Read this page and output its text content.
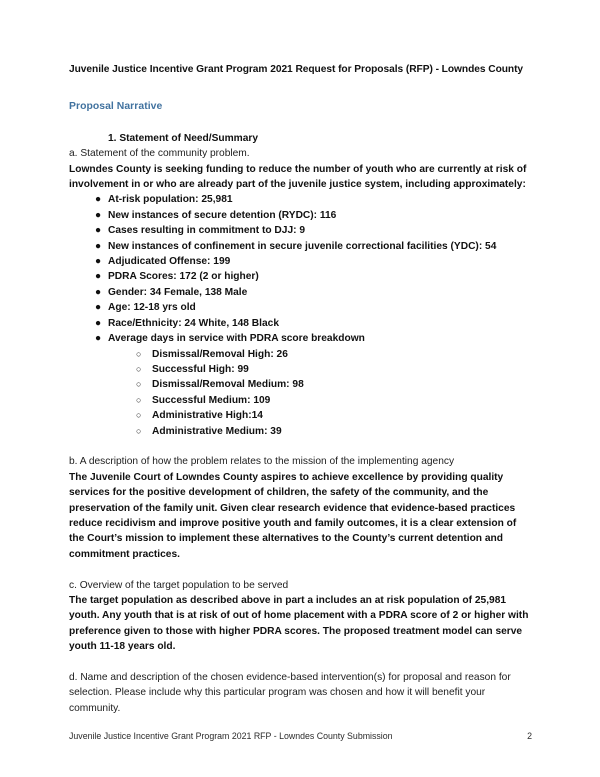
Juvenile Justice Incentive Grant Program 2021 Request for Proposals (RFP) - Lowndes County
Proposal Narrative
1. Statement of Need/Summary

a. Statement of the community problem.

Lowndes County is seeking funding to reduce the number of youth who are currently at risk of involvement in or who are already part of the juvenile justice system, including approximately:

● At-risk population: 25,981
● New instances of secure detention (RYDC): 116
● Cases resulting in commitment to DJJ: 9
● New instances of confinement in secure juvenile correctional facilities (YDC): 54
● Adjudicated Offense: 199
● PDRA Scores: 172 (2 or higher)
● Gender: 34 Female, 138 Male
● Age: 12-18 yrs old
● Race/Ethnicity: 24 White, 148 Black
● Average days in service with PDRA score breakdown
○ Dismissal/Removal High: 26
○ Successful High: 99
○ Dismissal/Removal Medium: 98
○ Successful Medium: 109
○ Administrative High:14
○ Administrative Medium: 39

b. A description of how the problem relates to the mission of the implementing agency

The Juvenile Court of Lowndes County aspires to achieve excellence by providing quality services for the positive development of children, the safety of the community, and the preservation of the family unit. Given clear research evidence that evidence-based practices reduce recidivism and improve positive youth and family outcomes, it is a clear extension of the Court’s mission to implement these alternatives to the County’s current detention and commitment practices.

c. Overview of the target population to be served

The target population as described above in part a includes an at risk population of 25,981 youth. Any youth that is at risk of out of home placement with a PDRA score of 2 or higher with preference given to those with higher PDRA scores. The proposed treatment model can serve youth 11-18 years old.

d. Name and description of the chosen evidence-based intervention(s) for proposal and reason for selection. Please include why this particular program was chosen and how it will benefit your community.

Juvenile Justice Incentive Grant Program 2021 RFP - Lowndes County Submission	2
